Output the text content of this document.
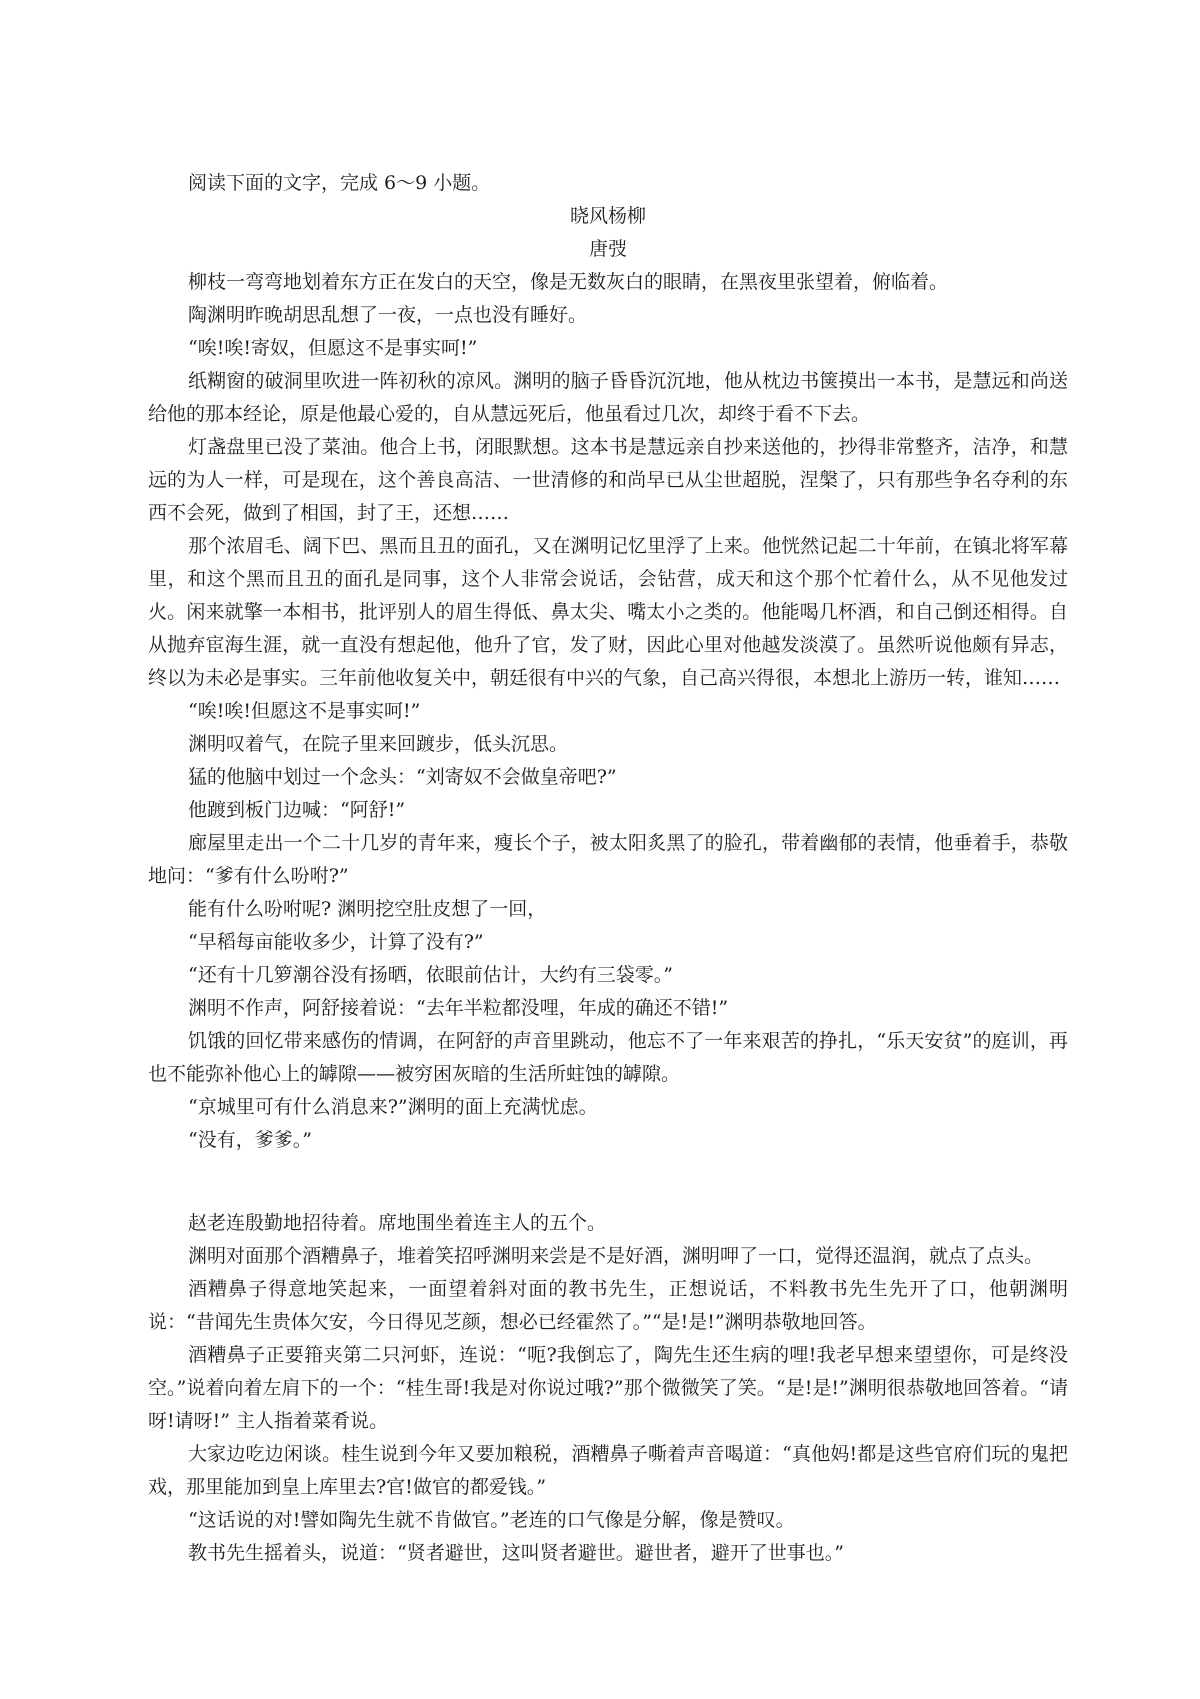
阅读下面的文字，完成 6～9 小题。

晓风杨柳

唐弢

柳枝一弯弯地划着东方正在发白的天空，像是无数灰白的眼睛，在黑夜里张望着，俯临着。

陶渊明昨晚胡思乱想了一夜，一点也没有睡好。

“唉!唉!寄奴，但愿这不是事实呵!”

纸糊窗的破洞里吹进一阵初秋的凉风。渊明的脑子昏昏沉沉地，他从枕边书箧摸出一本书，是慧远和尚送给他的那本经论，原是他最心爱的，自从慧远死后，他虽看过几次，却终于看不下去。

灯盏盘里已没了菜油。他合上书，闭眼默想。这本书是慧远亲自抄来送他的，抄得非常整齐，洁净，和慧远的为人一样，可是现在，这个善良高洁、一世清修的和尚早已从尘世超脱，涅槃了，只有那些争名夺利的东西不会死，做到了相国，封了王，还想……

那个浓眉毛、阔下巴、黑而且丑的面孔，又在渊明记忆里浮了上来。他恍然记起二十年前，在镇北将军幕里，和这个黑而且丑的面孔是同事，这个人非常会说话，会钻营，成天和这个那个忙着什么，从不见他发过火。闲来就擎一本相书，批评别人的眉生得低、鼻太尖、嘴太小之类的。他能喝几杯酒，和自己倒还相得。自从抛弃宦海生涯，就一直没有想起他，他升了官，发了财，因此心里对他越发淡漠了。虽然听说他颇有异志，终以为未必是事实。三年前他收复关中，朝廷很有中兴的气象，自己高兴得很，本想北上游历一转，谁知……

“唉!唉!但愿这不是事实呵!”

渊明叹着气，在院子里来回踱步，低头沉思。

猛的他脑中划过一个念头：“刘寄奴不会做皇帝吧?”

他踱到板门边喊：“阿舒!”

廊屋里走出一个二十几岁的青年来，瘦长个子，被太阳炙黑了的脸孔，带着幽郁的表情，他垂着手，恭敬地问：“爹有什么吩咐?”

能有什么吩咐呢? 渊明挖空肚皮想了一回，

“早稻每亩能收多少，计算了没有?”

“还有十几箩潮谷没有扬晒，依眼前估计，大约有三袋零。”

渊明不作声，阿舒接着说：“去年半粒都没哩，年成的确还不错!”

饥饿的回忆带来感伤的情调，在阿舒的声音里跳动，他忘不了一年来艰苦的挣扎，“乐天安贫”的庭训，再也不能弥补他心上的罅隙——被穷困灰暗的生活所蛀蚀的罅隙。

“京城里可有什么消息来?”渊明的面上充满忧虑。

“没有，爹爹。”

赵老连殷勤地招待着。席地围坐着连主人的五个。

渊明对面那个酒糟鼻子，堆着笑招呼渊明来尝是不是好酒，渊明呷了一口，觉得还温润，就点了点头。

酒糟鼻子得意地笑起来，一面望着斜对面的教书先生，正想说话，不料教书先生先开了口，他朝渊明说：“昔闻先生贵体欠安，今日得见芝颜，想必已经霍然了。”“是!是!”渊明恭敬地回答。

酒糟鼻子正要箝夹第二只河虾，连说：“呃?我倒忘了，陶先生还生病的哩!我老早想来望望你，可是终没空。”说着向着左肩下的一个：“桂生哥!我是对你说过哦?”那个微微笑了笑。“是!是!”渊明很恭敬地回答着。“请呀!请呀!” 主人指着菜肴说。

大家边吃边闲谈。桂生说到今年又要加粮税，酒糟鼻子嘶着声音喝道：“真他妈!都是这些官府们玩的鬼把戏，那里能加到皇上库里去?官!做官的都爱钱。”

“这话说的对!譬如陶先生就不肯做官。”老连的口气像是分解，像是赞叹。

教书先生摇着头，说道：“贤者避世，这叫贤者避世。避世者，避开了世事也。”
